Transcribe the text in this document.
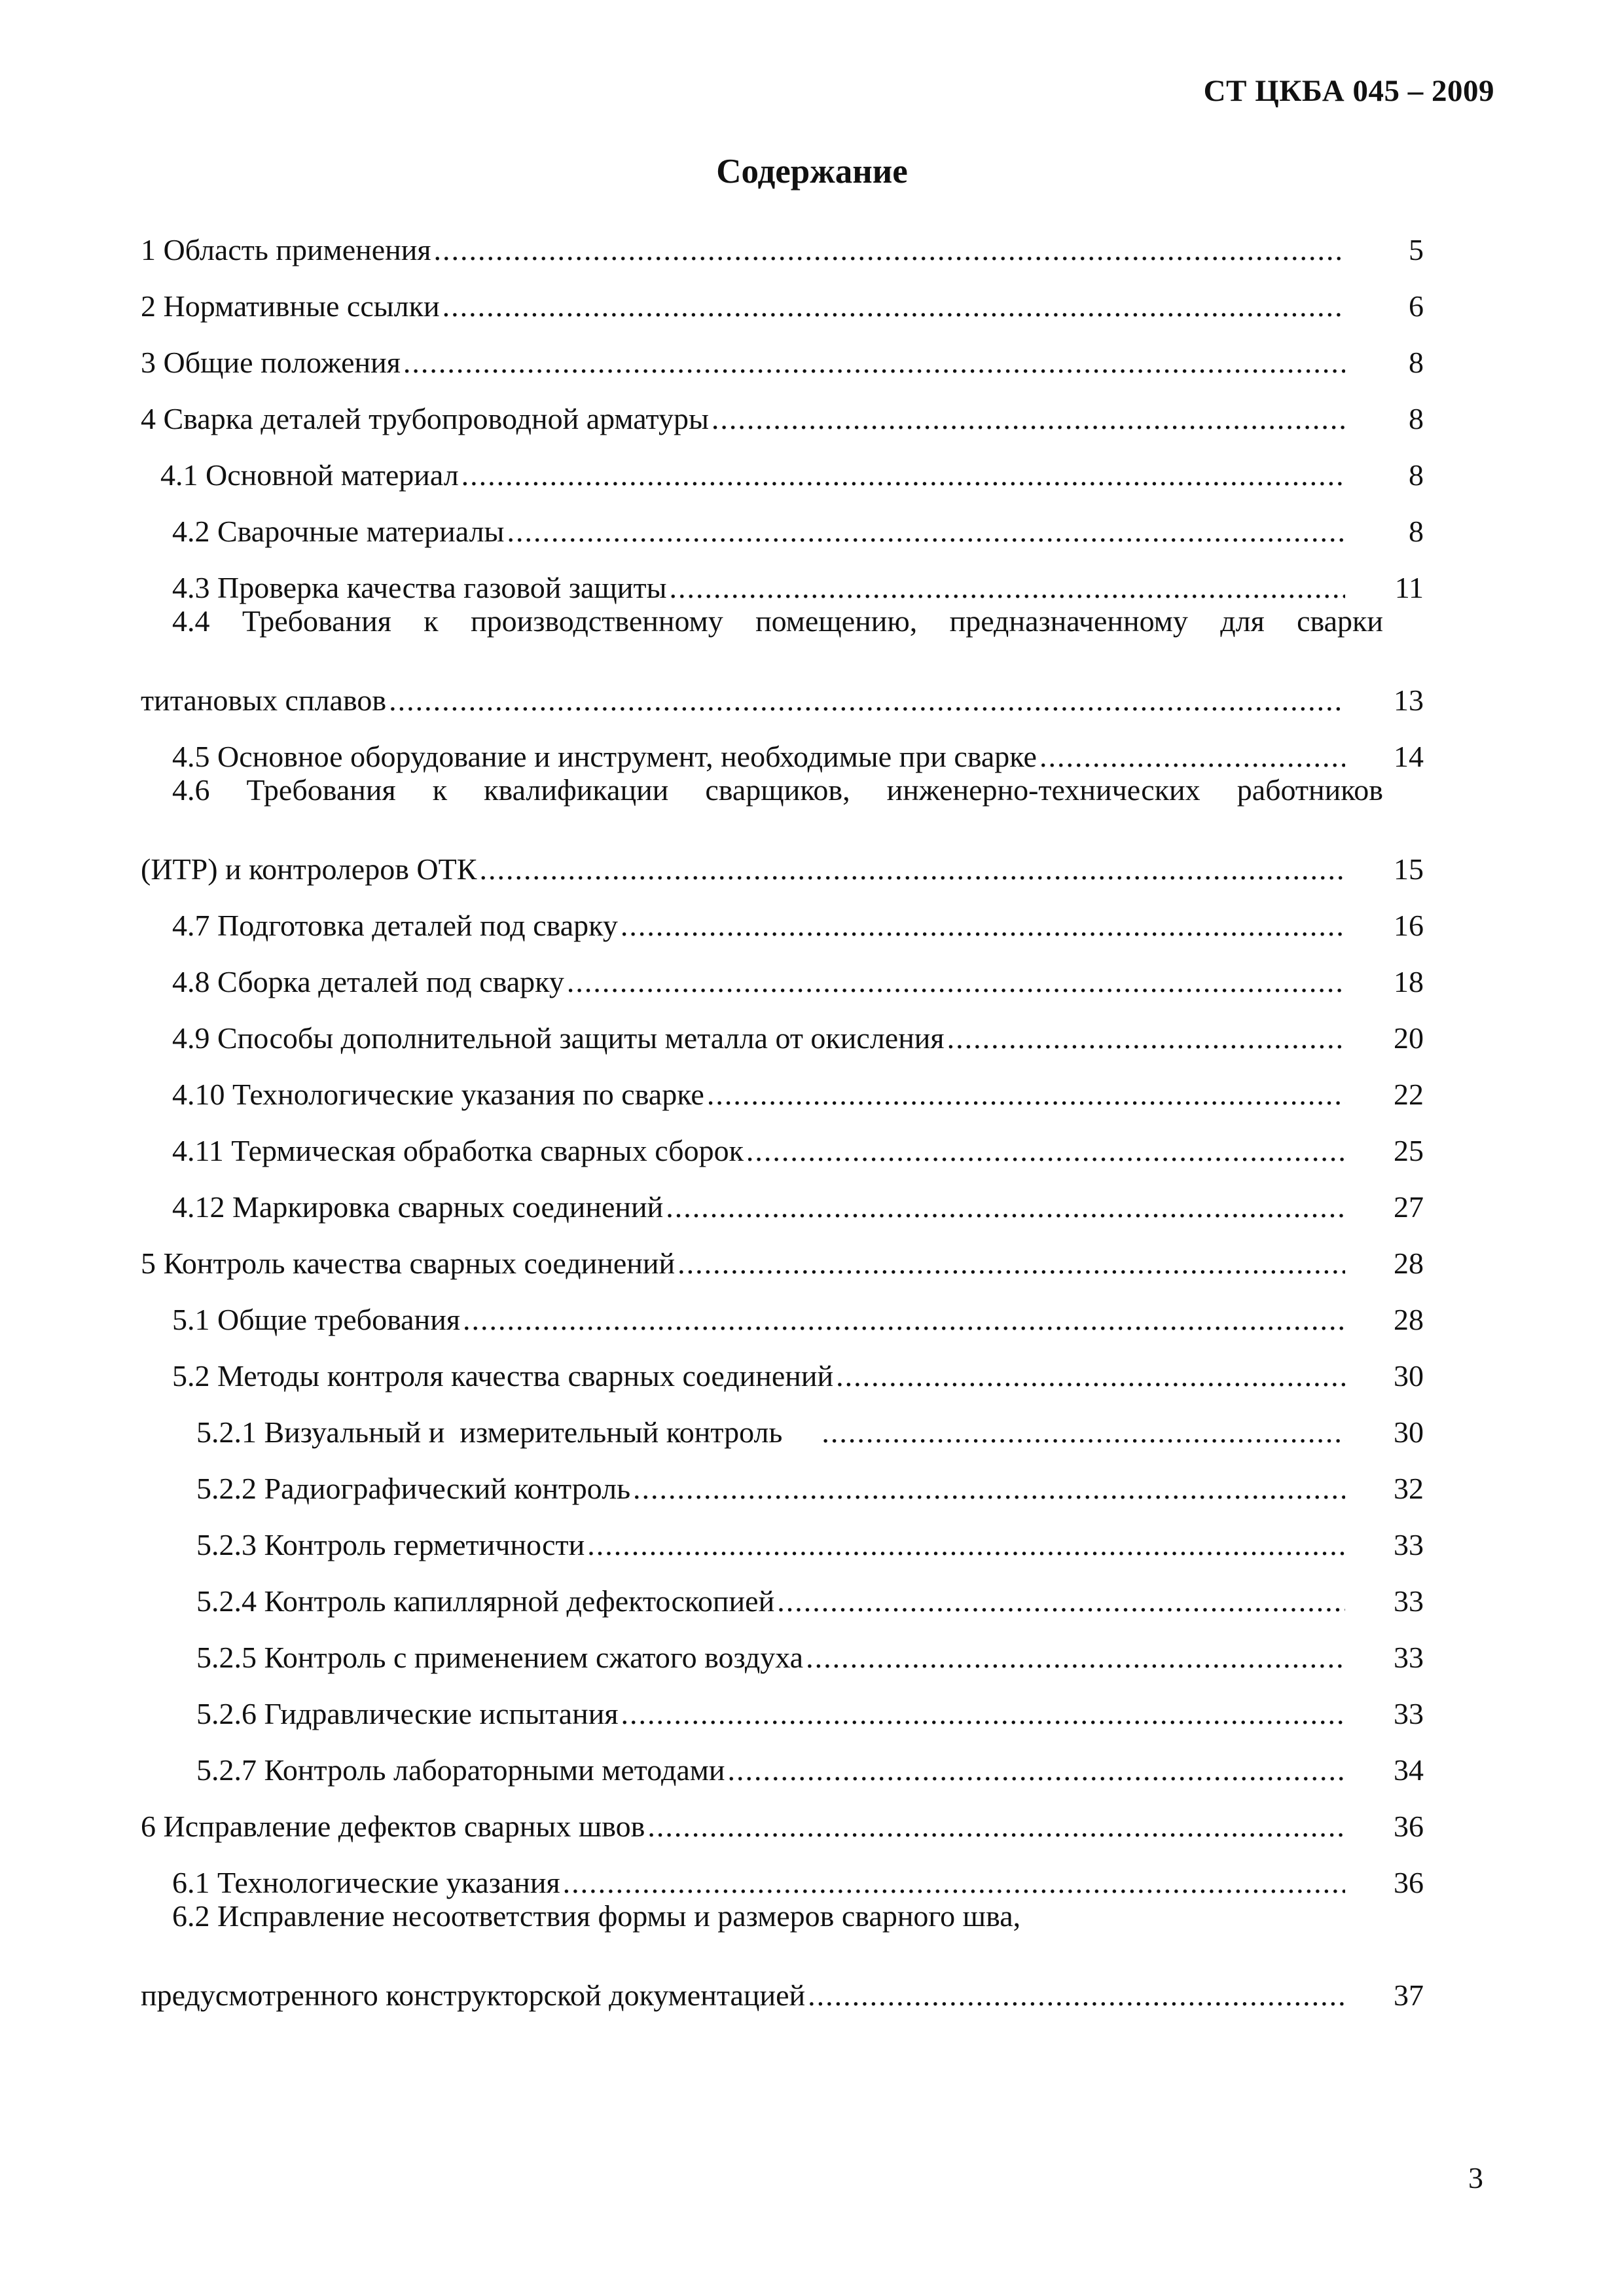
СТ ЦКБА 045 – 2009
Содержание
1 Область применения .....	5
2 Нормативные ссылки .....	6
3 Общие положения .....	8
4 Сварка деталей трубопроводной арматуры .....	8
4.1 Основной материал .....	8
4.2 Сварочные материалы .....	8
4.3 Проверка качества газовой защиты .....	11
4.4 Требования к производственному помещению, предназначенному для сварки
титановых сплавов .....	13
4.5 Основное оборудование и инструмент, необходимые при сварке .....	14
4.6 Требования к квалификации сварщиков, инженерно-технических работников
(ИТР) и контролеров ОТК .....	15
4.7 Подготовка деталей под сварку .....	16
4.8 Сборка деталей под сварку .....	18
4.9 Способы дополнительной защиты металла от окисления .....	20
4.10 Технологические указания по сварке .....	22
4.11 Термическая обработка сварных сборок .....	25
4.12 Маркировка сварных соединений .....	27
5 Контроль качества сварных соединений .....	28
5.1 Общие требования .....	28
5.2 Методы контроля качества сварных соединений .....	30
5.2.1 Визуальный и  измерительный контроль .....	30
5.2.2 Радиографический контроль .....	32
5.2.3 Контроль герметичности .....	33
5.2.4 Контроль капиллярной дефектоскопией .....	33
5.2.5 Контроль с применением сжатого воздуха .....	33
5.2.6 Гидравлические испытания .....	33
5.2.7 Контроль лабораторными методами .....	34
6 Исправление дефектов сварных швов .....	36
6.1 Технологические указания .....	36
6.2 Исправление несоответствия формы и размеров сварного шва,
предусмотренного конструкторской документацией .....	37
3
